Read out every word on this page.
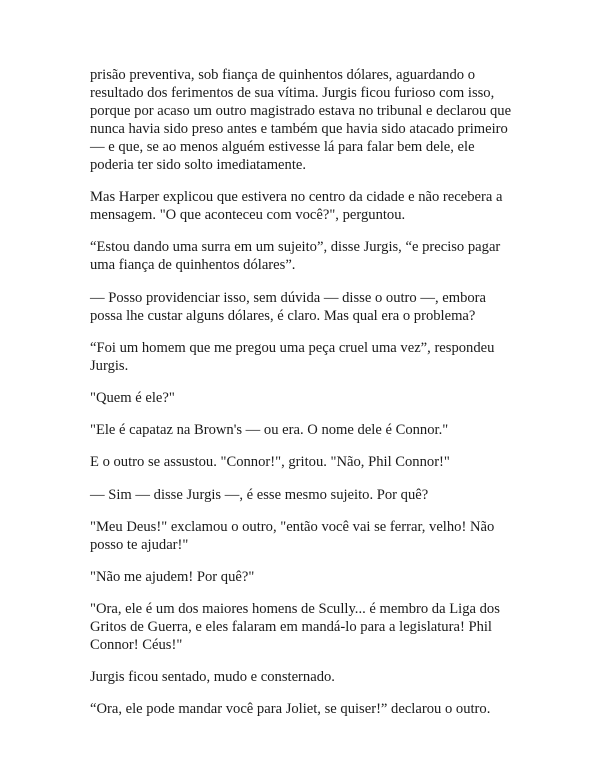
prisão preventiva, sob fiança de quinhentos dólares, aguardando o resultado dos ferimentos de sua vítima. Jurgis ficou furioso com isso, porque por acaso um outro magistrado estava no tribunal e declarou que nunca havia sido preso antes e também que havia sido atacado primeiro — e que, se ao menos alguém estivesse lá para falar bem dele, ele poderia ter sido solto imediatamente.

Mas Harper explicou que estivera no centro da cidade e não recebera a mensagem. "O que aconteceu com você?", perguntou.

“Estou dando uma surra em um sujeito”, disse Jurgis, “e preciso pagar uma fiança de quinhentos dólares”.

— Posso providenciar isso, sem dúvida — disse o outro —, embora possa lhe custar alguns dólares, é claro. Mas qual era o problema?

“Foi um homem que me pregou uma peça cruel uma vez”, respondeu Jurgis.

"Quem é ele?"

"Ele é capataz na Brown's — ou era. O nome dele é Connor."

E o outro se assustou. "Connor!", gritou. "Não, Phil Connor!"

— Sim — disse Jurgis —, é esse mesmo sujeito. Por quê?

"Meu Deus!" exclamou o outro, "então você vai se ferrar, velho! Não posso te ajudar!"

"Não me ajudem! Por quê?"

"Ora, ele é um dos maiores homens de Scully... é membro da Liga dos Gritos de Guerra, e eles falaram em mandá-lo para a legislatura! Phil Connor! Céus!"

Jurgis ficou sentado, mudo e consternado.

“Ora, ele pode mandar você para Joliet, se quiser!” declarou o outro.
